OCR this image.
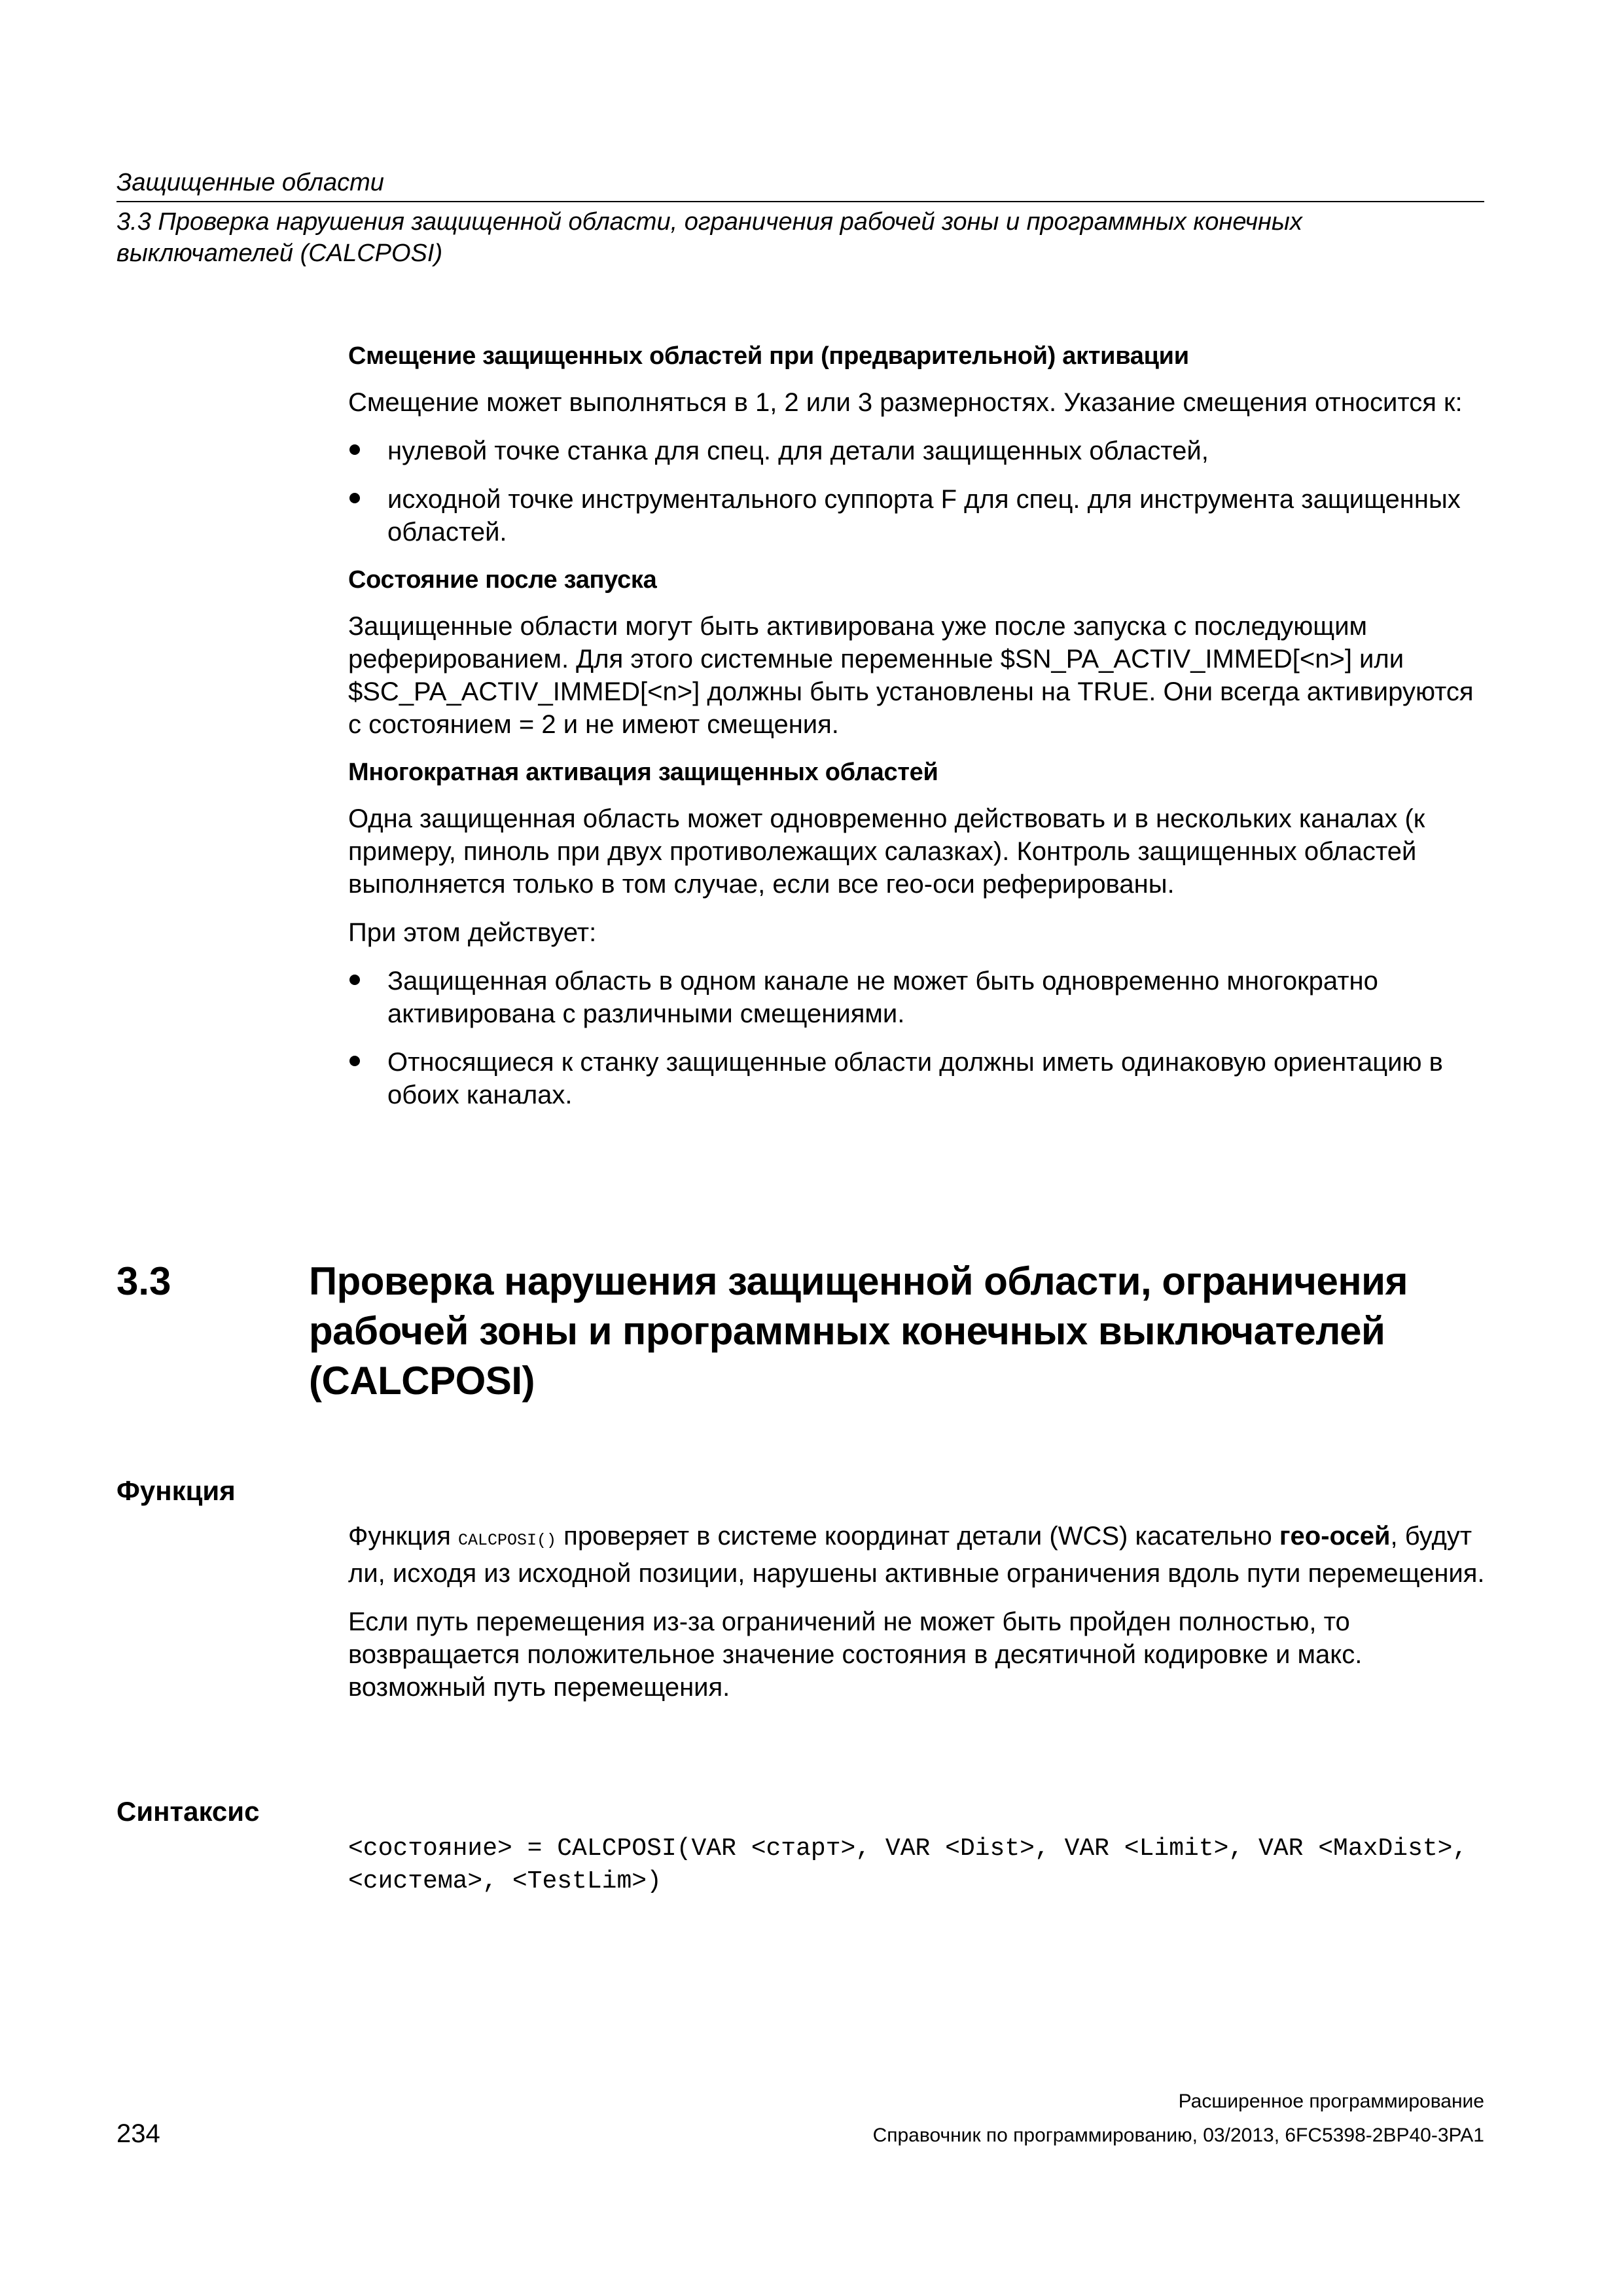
Защищенные области
3.3 Проверка нарушения защищенной области, ограничения рабочей зоны и программных конечных выключателей (CALCPOSI)
Смещение защищенных областей при (предварительной) активации

Смещение может выполняться в 1, 2 или 3 размерностях. Указание смещения относится к:

нулевой точке станка для спец. для детали защищенных областей,
исходной точке инструментального суппорта F для спец. для инструмента защищенных областей.
Состояние после запуска

Защищенные области могут быть активирована уже после запуска с последующим реферированием. Для этого системные переменные $SN_PA_ACTIV_IMMED[<n>] или $SC_PA_ACTIV_IMMED[<n>] должны быть установлены на TRUE. Они всегда активируются с состоянием = 2 и не имеют смещения.

Многократная активация защищенных областей

Одна защищенная область может одновременно действовать и в нескольких каналах (к примеру, пиноль при двух противолежащих салазках). Контроль защищенных областей выполняется только в том случае, если все гео-оси реферированы.

При этом действует:

Защищенная область в одном канале не может быть одновременно многократно активирована с различными смещениями.
Относящиеся к станку защищенные области должны иметь одинаковую ориентацию в обоих каналах.
3.3	Проверка нарушения защищенной области, ограничения рабочей зоны и программных конечных выключателей (CALCPOSI)
Функция

Функция CALCPOSI() проверяет в системе координат детали (WCS) касательно гео-осей, будут ли, исходя из исходной позиции, нарушены активные ограничения вдоль пути перемещения.

Если путь перемещения из-за ограничений не может быть пройден полностью, то возвращается положительное значение состояния в десятичной кодировке и макс. возможный путь перемещения.

Синтаксис
<состояние> = CALCPOSI(VAR <старт>, VAR <Dist>, VAR <Limit>, VAR <MaxDist>, <система>, <TestLim>)
Расширенное программирование
Справочник по программированию, 03/2013, 6FC5398-2BP40-3PA1
234
